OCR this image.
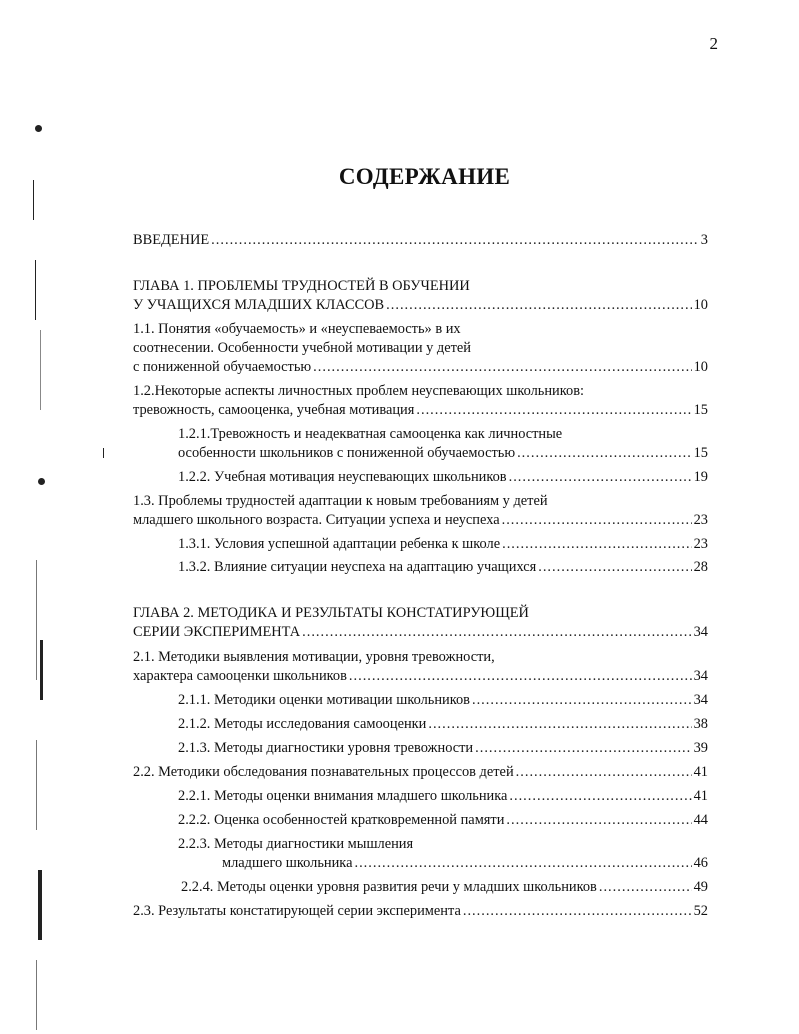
2
СОДЕРЖАНИЕ
ВВЕДЕНИЕ .....	3
ГЛАВА 1. ПРОБЛЕМЫ ТРУДНОСТЕЙ В ОБУЧЕНИИ
У УЧАЩИХСЯ МЛАДШИХ КЛАССОВ .....	10
1.1. Понятия «обучаемость» и «неуспеваемость» в их
соотнесении. Особенности учебной мотивации у детей
с пониженной обучаемостью .....	10
1.2.Некоторые аспекты личностных проблем неуспевающих школьников:
тревожность, самооценка, учебная мотивация .....	15
1.2.1.Тревожность и неадекватная самооценка как личностные
особенности школьников с пониженной обучаемостью .....	15
1.2.2. Учебная мотивация неуспевающих школьников .....	19
1.3. Проблемы трудностей адаптации к новым требованиям у детей
младшего школьного возраста. Ситуации успеха и неуспеха .....	23
1.3.1. Условия успешной адаптации ребенка к школе .....	23
1.3.2. Влияние ситуации неуспеха на адаптацию учащихся .....	28
ГЛАВА 2. МЕТОДИКА И РЕЗУЛЬТАТЫ КОНСТАТИРУЮЩЕЙ
СЕРИИ ЭКСПЕРИМЕНТА .....	34
2.1. Методики выявления мотивации, уровня тревожности,
характера самооценки школьников .....	34
2.1.1. Методики оценки мотивации школьников .....	34
2.1.2. Методы исследования самооценки .....	38
2.1.3. Методы диагностики уровня тревожности .....	39
2.2. Методики обследования познавательных процессов детей .....	41
2.2.1. Методы оценки внимания младшего школьника .....	41
2.2.2. Оценка особенностей кратковременной памяти .....	44
2.2.3. Методы диагностики мышления
младшего школьника .....	46
2.2.4. Методы оценки уровня развития речи у младших школьников .....	49
2.3. Результаты констатирующей серии эксперимента .....	52
